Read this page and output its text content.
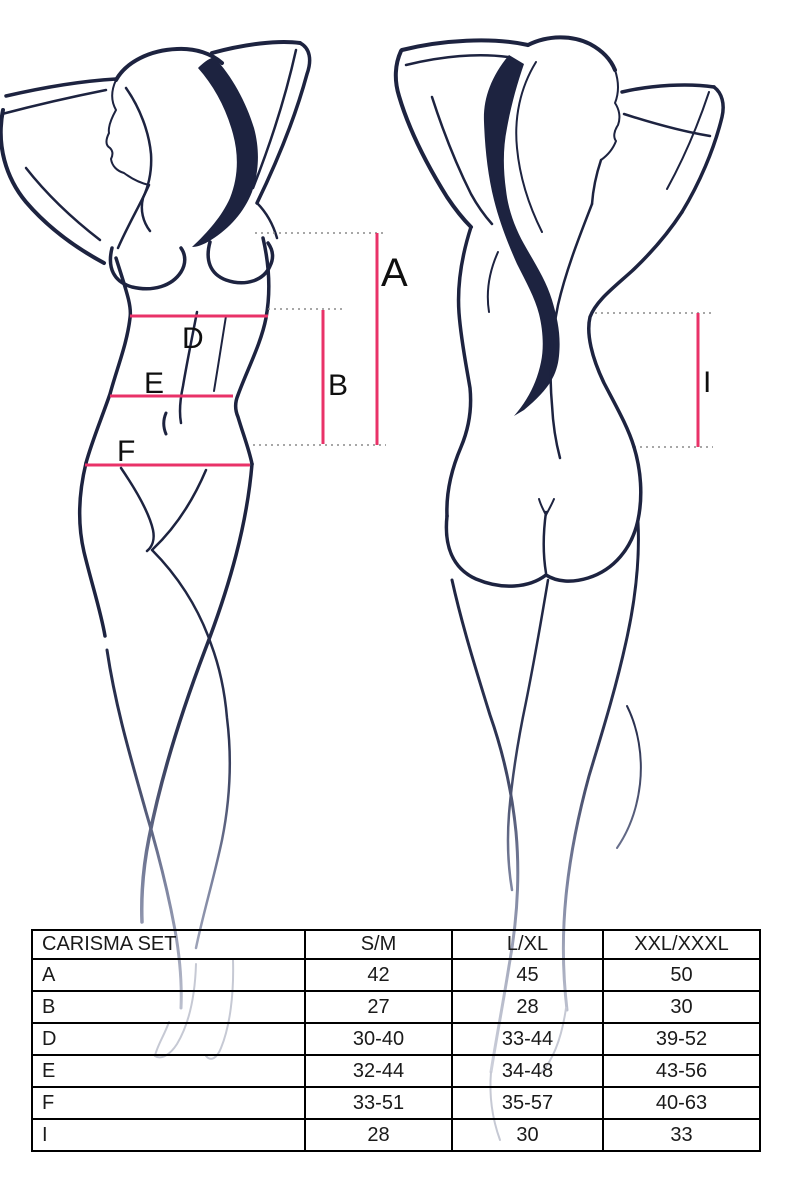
A
B
D
E
F
I
CARISMA SET	S/M	L/XL	XXL/XXXL
A	42	45	50
B	27	28	30
D	30-40	33-44	39-52
E	32-44	34-48	43-56
F	33-51	35-57	40-63
I	28	30	33
